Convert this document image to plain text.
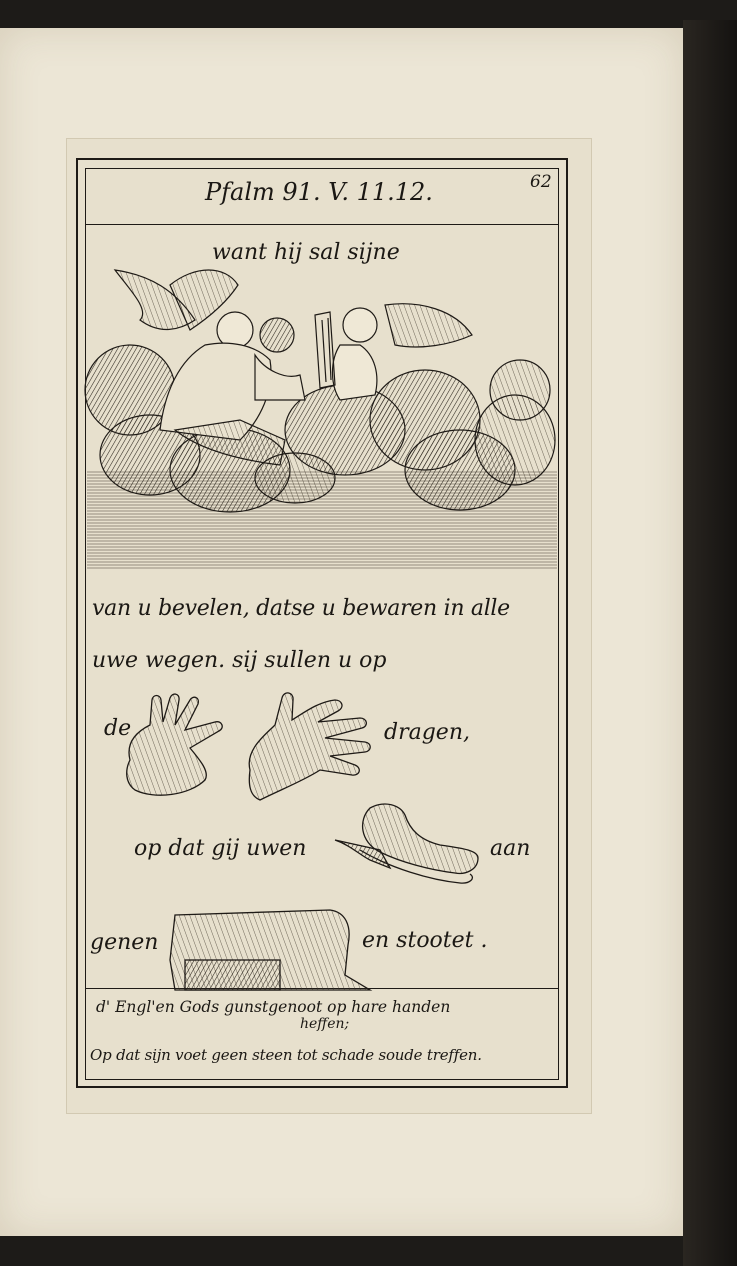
Pfalm 91. V. 11.12.	62
want hij sal sijne
van u bevelen, datse u bewaren in alle
uwe wegen. sij sullen u op
de	dragen,
op dat gij uwen	aan
genen	en stootet .
d' Engl'en Gods gunstgenoot op hare handen
heffen;
Op dat sijn voet geen steen tot schade soude treffen.
